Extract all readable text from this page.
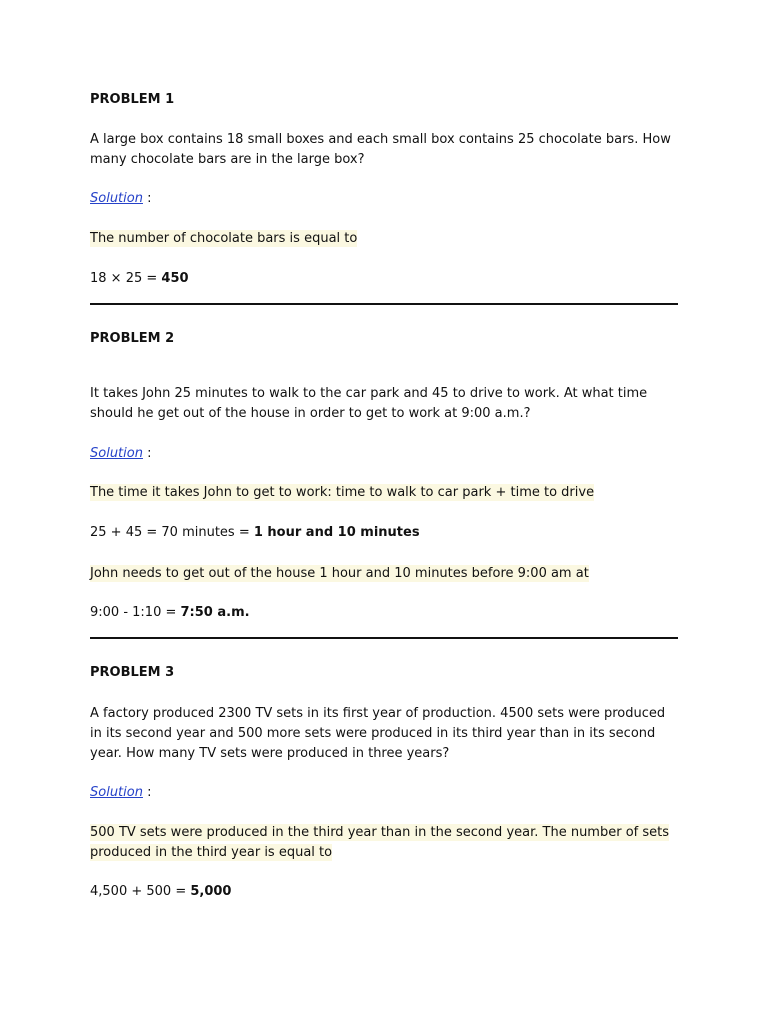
PROBLEM 1
A large box contains 18 small boxes and each small box contains 25 chocolate bars. How many chocolate bars are in the large box?
Solution :
The number of chocolate bars is equal to
18 × 25 = 450
PROBLEM 2
It takes John 25 minutes to walk to the car park and 45 to drive to work. At what time should he get out of the house in order to get to work at 9:00 a.m.?
Solution :
The time it takes John to get to work: time to walk to car park + time to drive
25 + 45 = 70 minutes = 1 hour and 10 minutes
John needs to get out of the house 1 hour and 10 minutes before 9:00 am at
9:00 - 1:10 = 7:50 a.m.
PROBLEM 3
A factory produced 2300 TV sets in its first year of production. 4500 sets were produced in its second year and 500 more sets were produced in its third year than in its second year. How many TV sets were produced in three years?
Solution :
500 TV sets were produced in the third year than in the second year. The number of sets produced in the third year is equal to
4,500 + 500 = 5,000
